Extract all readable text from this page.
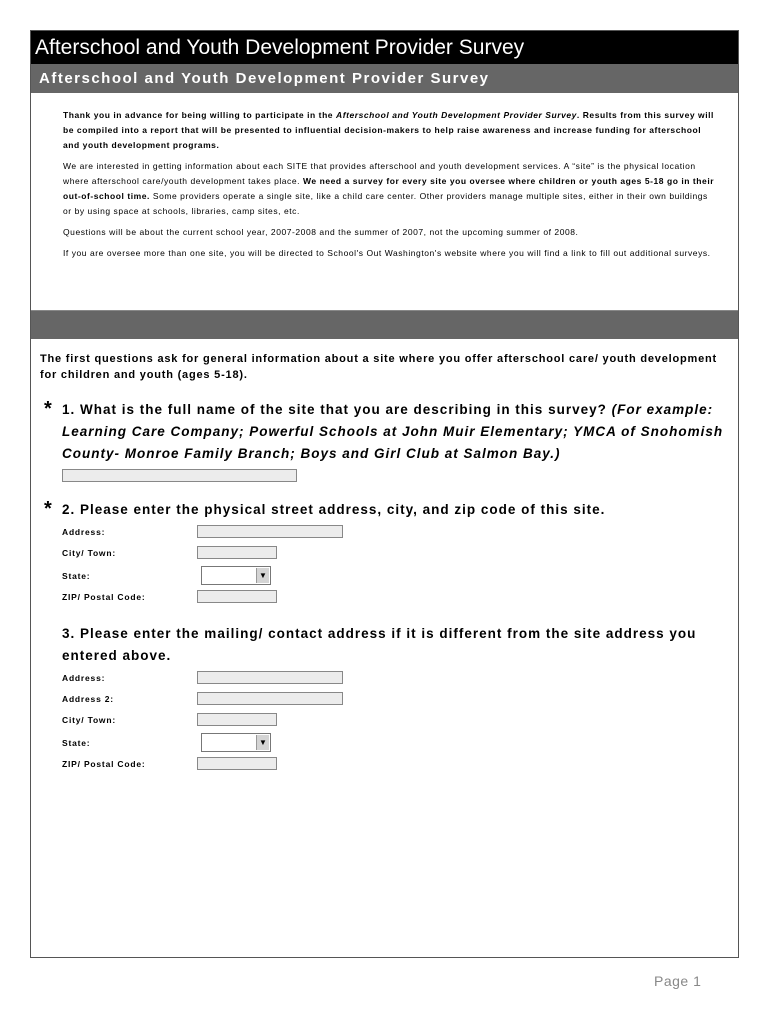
Afterschool and Youth Development Provider Survey
Afterschool and Youth Development Provider Survey

Thank you in advance for being willing to participate in the Afterschool and Youth Development Provider Survey. Results from this survey will be compiled into a report that will be presented to influential decision-makers to help raise awareness and increase funding for afterschool and youth development programs.

We are interested in getting information about each SITE that provides afterschool and youth development services. A “site” is the physical location where afterschool care/youth development takes place. We need a survey for every site you oversee where children or youth ages 5-18 go in their out-of-school time. Some providers operate a single site, like a child care center. Other providers manage multiple sites, either in their own buildings or by using space at schools, libraries, camp sites, etc.

Questions will be about the current school year, 2007-2008 and the summer of 2007, not the upcoming summer of 2008.

If you are oversee more than one site, you will be directed to School's Out Washington's website where you will find a link to fill out additional surveys.

The first questions ask for general information about a site where you offer afterschool care/ youth development for children and youth (ages 5-18).
* 1. What is the full name of the site that you are describing in this survey? (For example: Learning Care Company; Powerful Schools at John Muir Elementary; YMCA of Snohomish County- Monroe Family Branch; Boys and Girl Club at Salmon Bay.)
* 2. Please enter the physical street address, city, and zip code of this site.
Address:
City/ Town:
State:	▼
ZIP/ Postal Code:
3. Please enter the mailing/ contact address if it is different from the site address you entered above.
Address:
Address 2:
City/ Town:
State:	▼
ZIP/ Postal Code:
Page 1
